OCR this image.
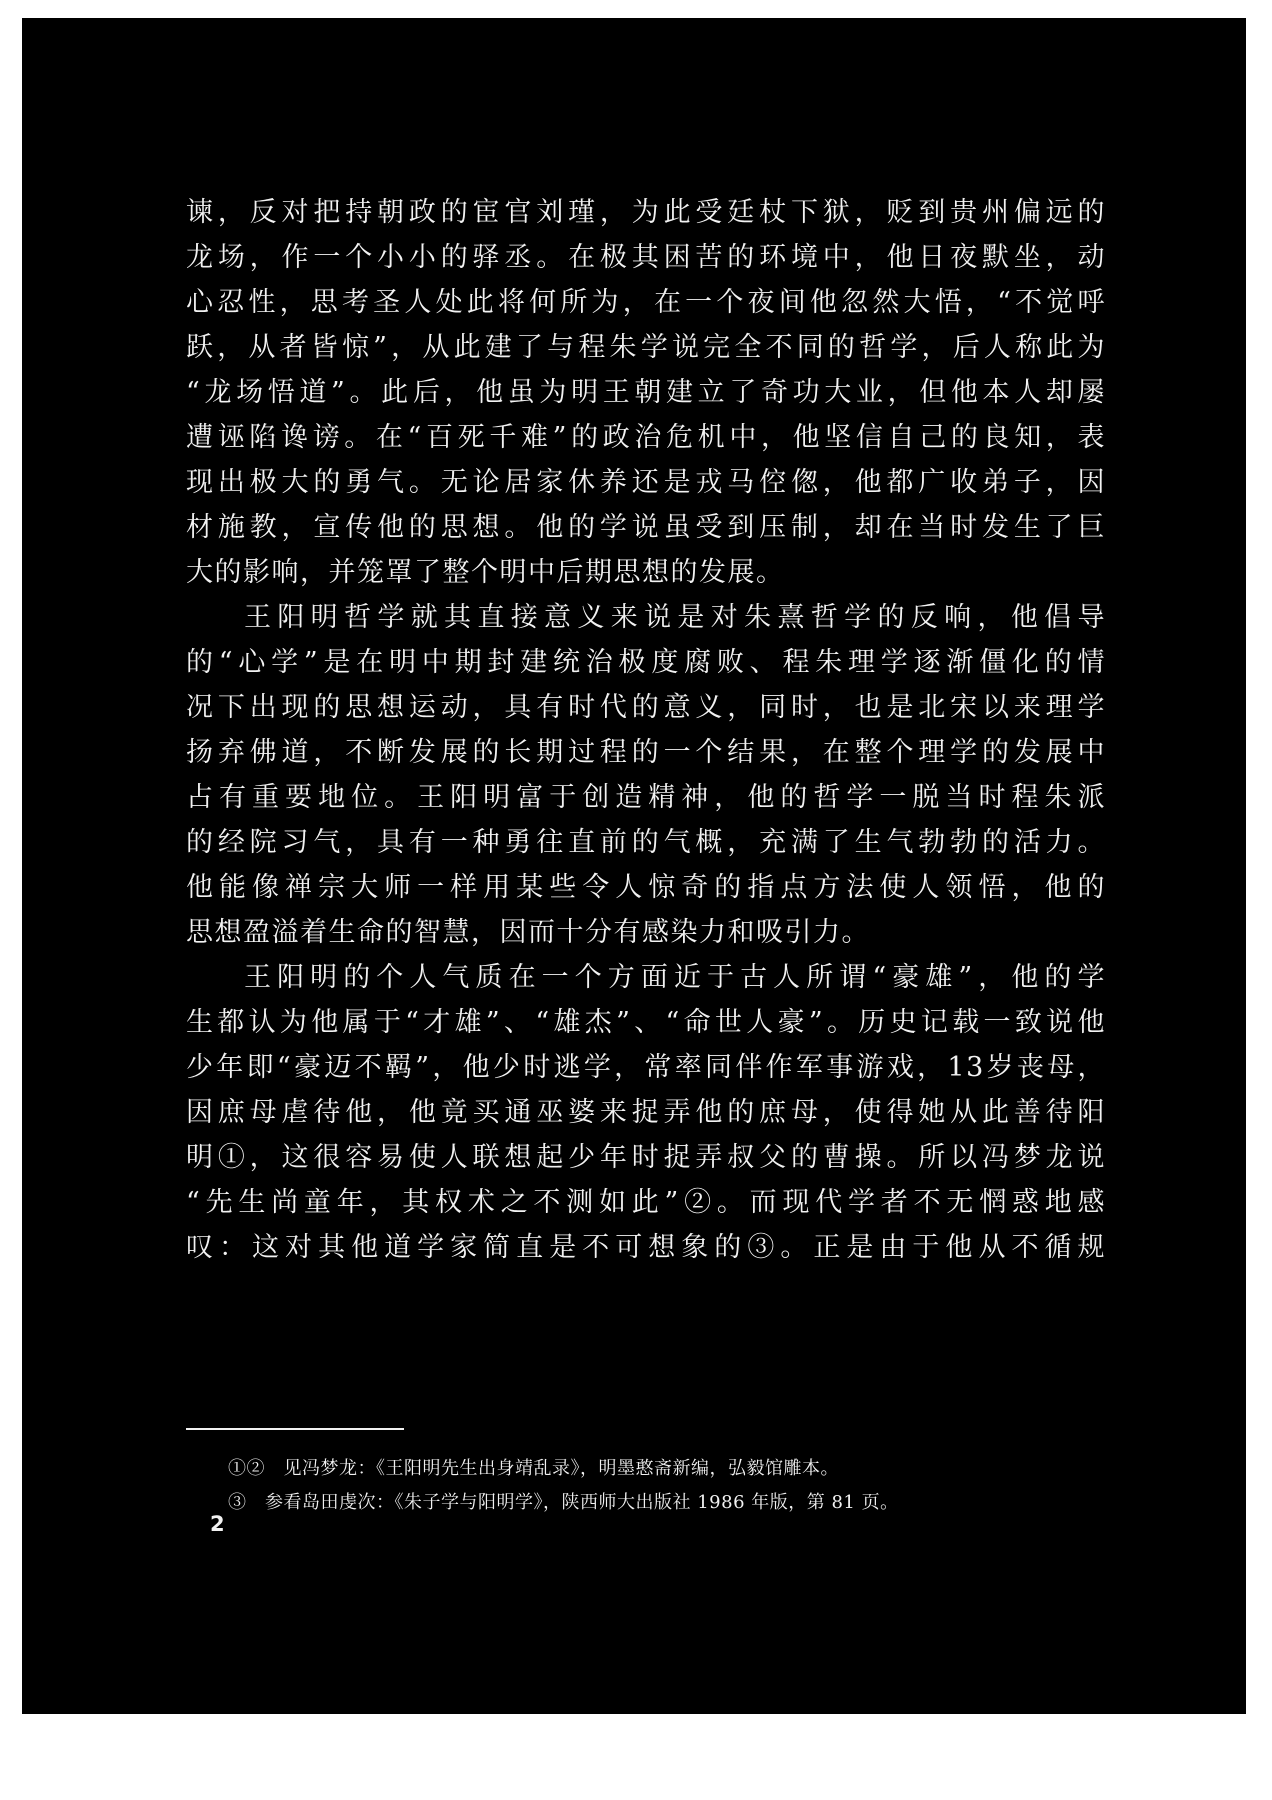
谏，反对把持朝政的宦官刘瑾，为此受廷杖下狱，贬到贵州偏远的
龙场，作一个小小的驿丞。在极其困苦的环境中，他日夜默坐，动
心忍性，思考圣人处此将何所为，在一个夜间他忽然大悟，“不觉呼
跃，从者皆惊”，从此建了与程朱学说完全不同的哲学，后人称此为
“龙场悟道”。此后，他虽为明王朝建立了奇功大业，但他本人却屡
遭诬陷谗谤。在“百死千难”的政治危机中，他坚信自己的良知，表
现出极大的勇气。无论居家休养还是戎马倥偬，他都广收弟子，因
材施教，宣传他的思想。他的学说虽受到压制，却在当时发生了巨
大的影响，并笼罩了整个明中后期思想的发展。
王阳明哲学就其直接意义来说是对朱熹哲学的反响，他倡导
的“心学”是在明中期封建统治极度腐败、程朱理学逐渐僵化的情
况下出现的思想运动，具有时代的意义，同时，也是北宋以来理学
扬弃佛道，不断发展的长期过程的一个结果，在整个理学的发展中
占有重要地位。王阳明富于创造精神，他的哲学一脱当时程朱派
的经院习气，具有一种勇往直前的气概，充满了生气勃勃的活力。
他能像禅宗大师一样用某些令人惊奇的指点方法使人领悟，他的
思想盈溢着生命的智慧，因而十分有感染力和吸引力。
王阳明的个人气质在一个方面近于古人所谓“豪雄”，他的学
生都认为他属于“才雄”、“雄杰”、“命世人豪”。历史记载一致说他
少年即“豪迈不羁”，他少时逃学，常率同伴作军事游戏，13岁丧母，
因庶母虐待他，他竟买通巫婆来捉弄他的庶母，使得她从此善待阳
明①，这很容易使人联想起少年时捉弄叔父的曹操。所以冯梦龙说
“先生尚童年，其权术之不测如此”②。而现代学者不无惘惑地感
叹：这对其他道学家简直是不可想象的③。正是由于他从不循规
①②　见冯梦龙：《王阳明先生出身靖乱录》，明墨憨斋新编，弘毅馆雕本。
③　参看岛田虔次：《朱子学与阳明学》，陕西师大出版社 1986 年版，第 81 页。
2
